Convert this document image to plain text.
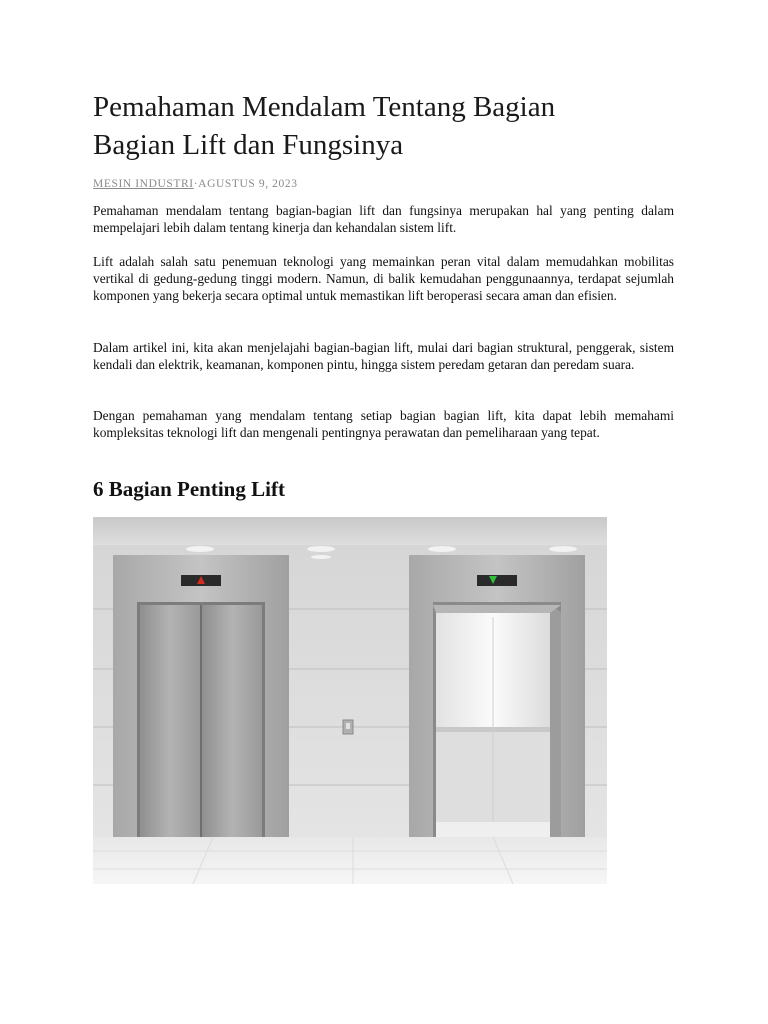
Pemahaman Mendalam Tentang Bagian
Bagian Lift dan Fungsinya
MESIN INDUSTRI·AGUSTUS 9, 2023

Pemahaman mendalam tentang bagian-bagian lift dan fungsinya merupakan hal yang penting dalam mempelajari lebih dalam tentang kinerja dan kehandalan sistem lift.

Lift adalah salah satu penemuan teknologi yang memainkan peran vital dalam memudahkan mobilitas vertikal di gedung-gedung tinggi modern. Namun, di balik kemudahan penggunaannya, terdapat sejumlah komponen yang bekerja secara optimal untuk memastikan lift beroperasi secara aman dan efisien.

Dalam artikel ini, kita akan menjelajahi bagian-bagian lift, mulai dari bagian struktural, penggerak, sistem kendali dan elektrik, keamanan, komponen pintu, hingga sistem peredam getaran dan peredam suara.

Dengan pemahaman yang mendalam tentang setiap bagian bagian lift, kita dapat lebih memahami kompleksitas teknologi lift dan mengenali pentingnya perawatan dan pemeliharaan yang tepat.

6 Bagian Penting Lift
